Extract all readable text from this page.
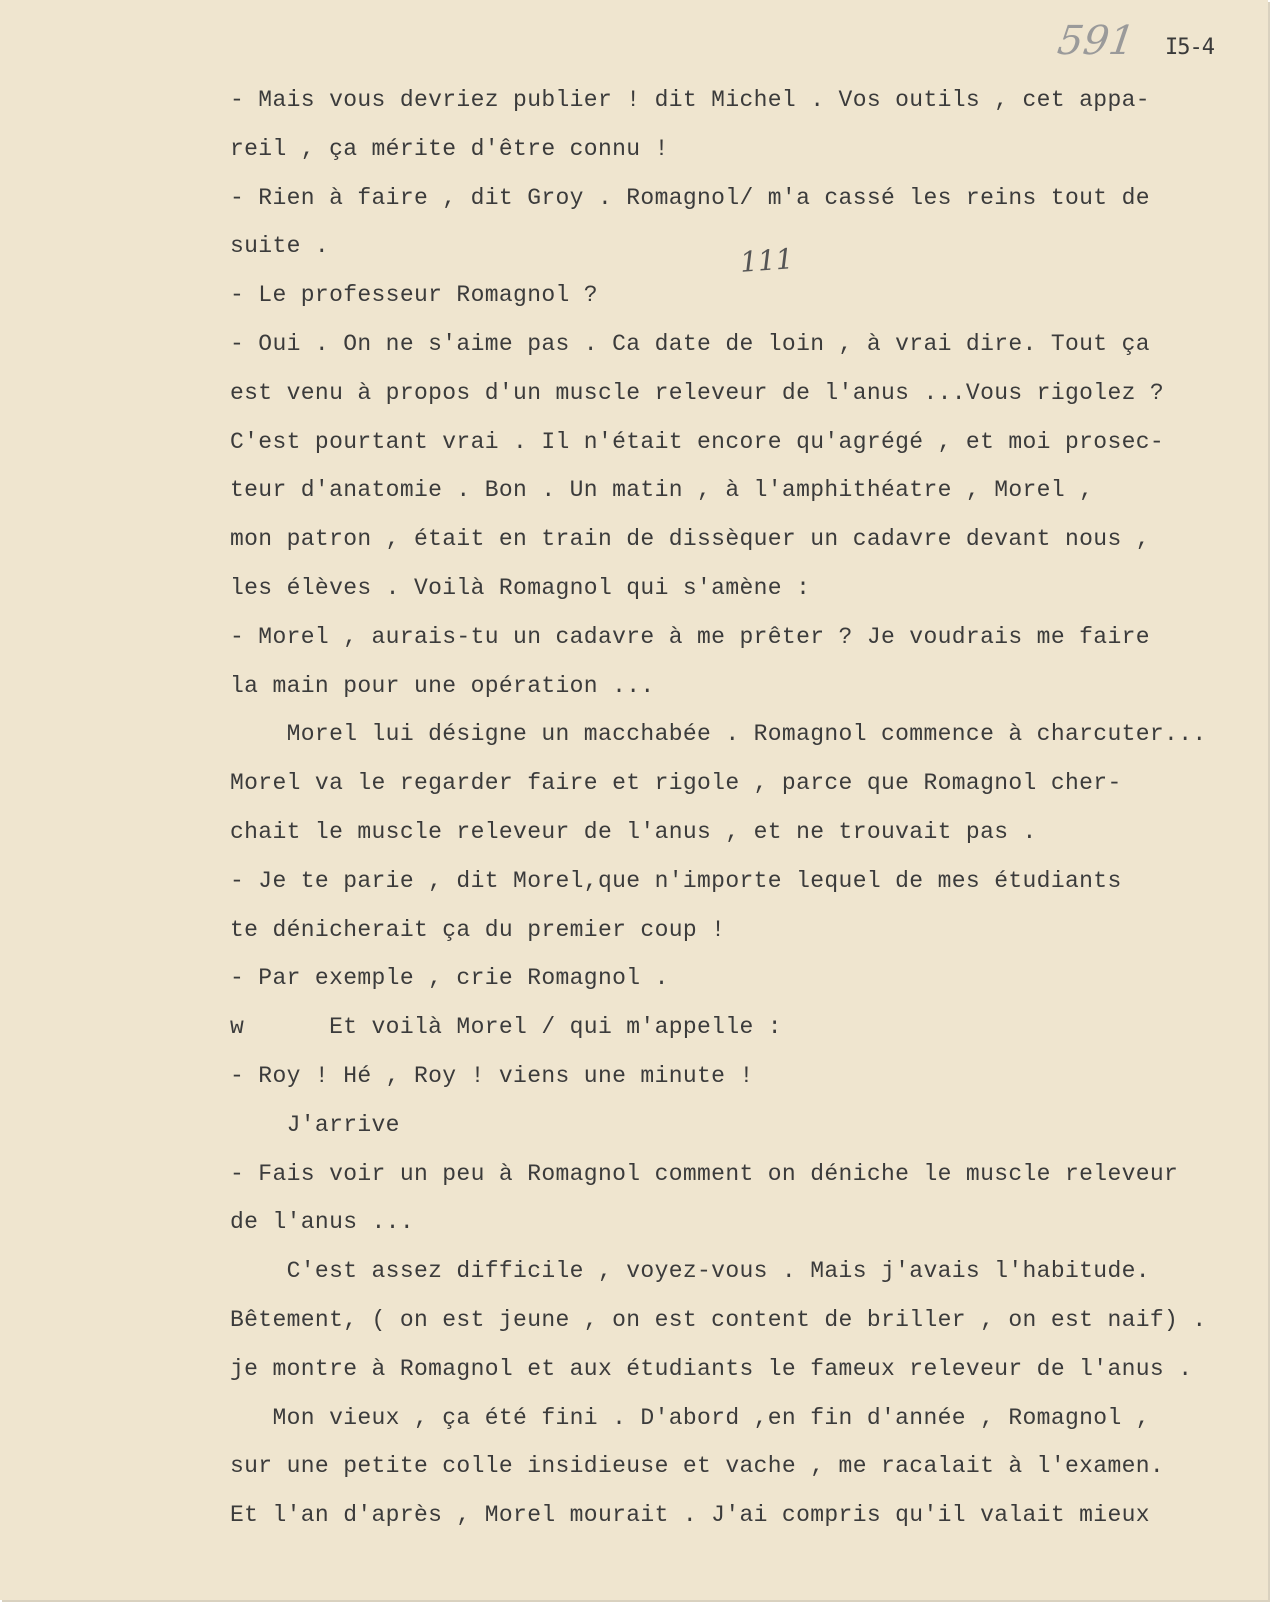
591 I5-4
111
- Mais vous devriez publier ! dit Michel . Vos outils , cet appa-
reil , ça mérite d'être connu !
- Rien à faire , dit Groy . Romagnol/ m'a cassé les reins tout de
suite .
- Le professeur Romagnol ?
- Oui . On ne s'aime pas . Ca date de loin , à vrai dire. Tout ça
est venu à propos d'un muscle releveur de l'anus ...Vous rigolez ?
C'est pourtant vrai . Il n'était encore qu'agrégé , et moi prosec-
teur d'anatomie . Bon . Un matin , à l'amphithéatre , Morel ,
mon patron , était en train de dissèquer un cadavre devant nous ,
les élèves . Voilà Romagnol qui s'amène :
- Morel , aurais-tu un cadavre à me prêter ? Je voudrais me faire
la main pour une opération ...
Morel lui désigne un macchabée . Romagnol commence à charcuter...
Morel va le regarder faire et rigole , parce que Romagnol cher-
chait le muscle releveur de l'anus , et ne trouvait pas .
- Je te parie , dit Morel,que n'importe lequel de mes étudiants
te dénicherait ça du premier coup !
- Par exemple , crie Romagnol .
w      Et voilà Morel / qui m'appelle :
- Roy ! Hé , Roy ! viens une minute !
J'arrive
- Fais voir un peu à Romagnol comment on déniche le muscle releveur
de l'anus ...
C'est assez difficile , voyez-vous . Mais j'avais l'habitude.
Bêtement, ( on est jeune , on est content de briller , on est naif) .
je montre à Romagnol et aux étudiants le fameux releveur de l'anus .
Mon vieux , ça été fini . D'abord ,en fin d'année , Romagnol ,
sur une petite colle insidieuse et vache , me racalait à l'examen.
Et l'an d'après , Morel mourait . J'ai compris qu'il valait mieux
